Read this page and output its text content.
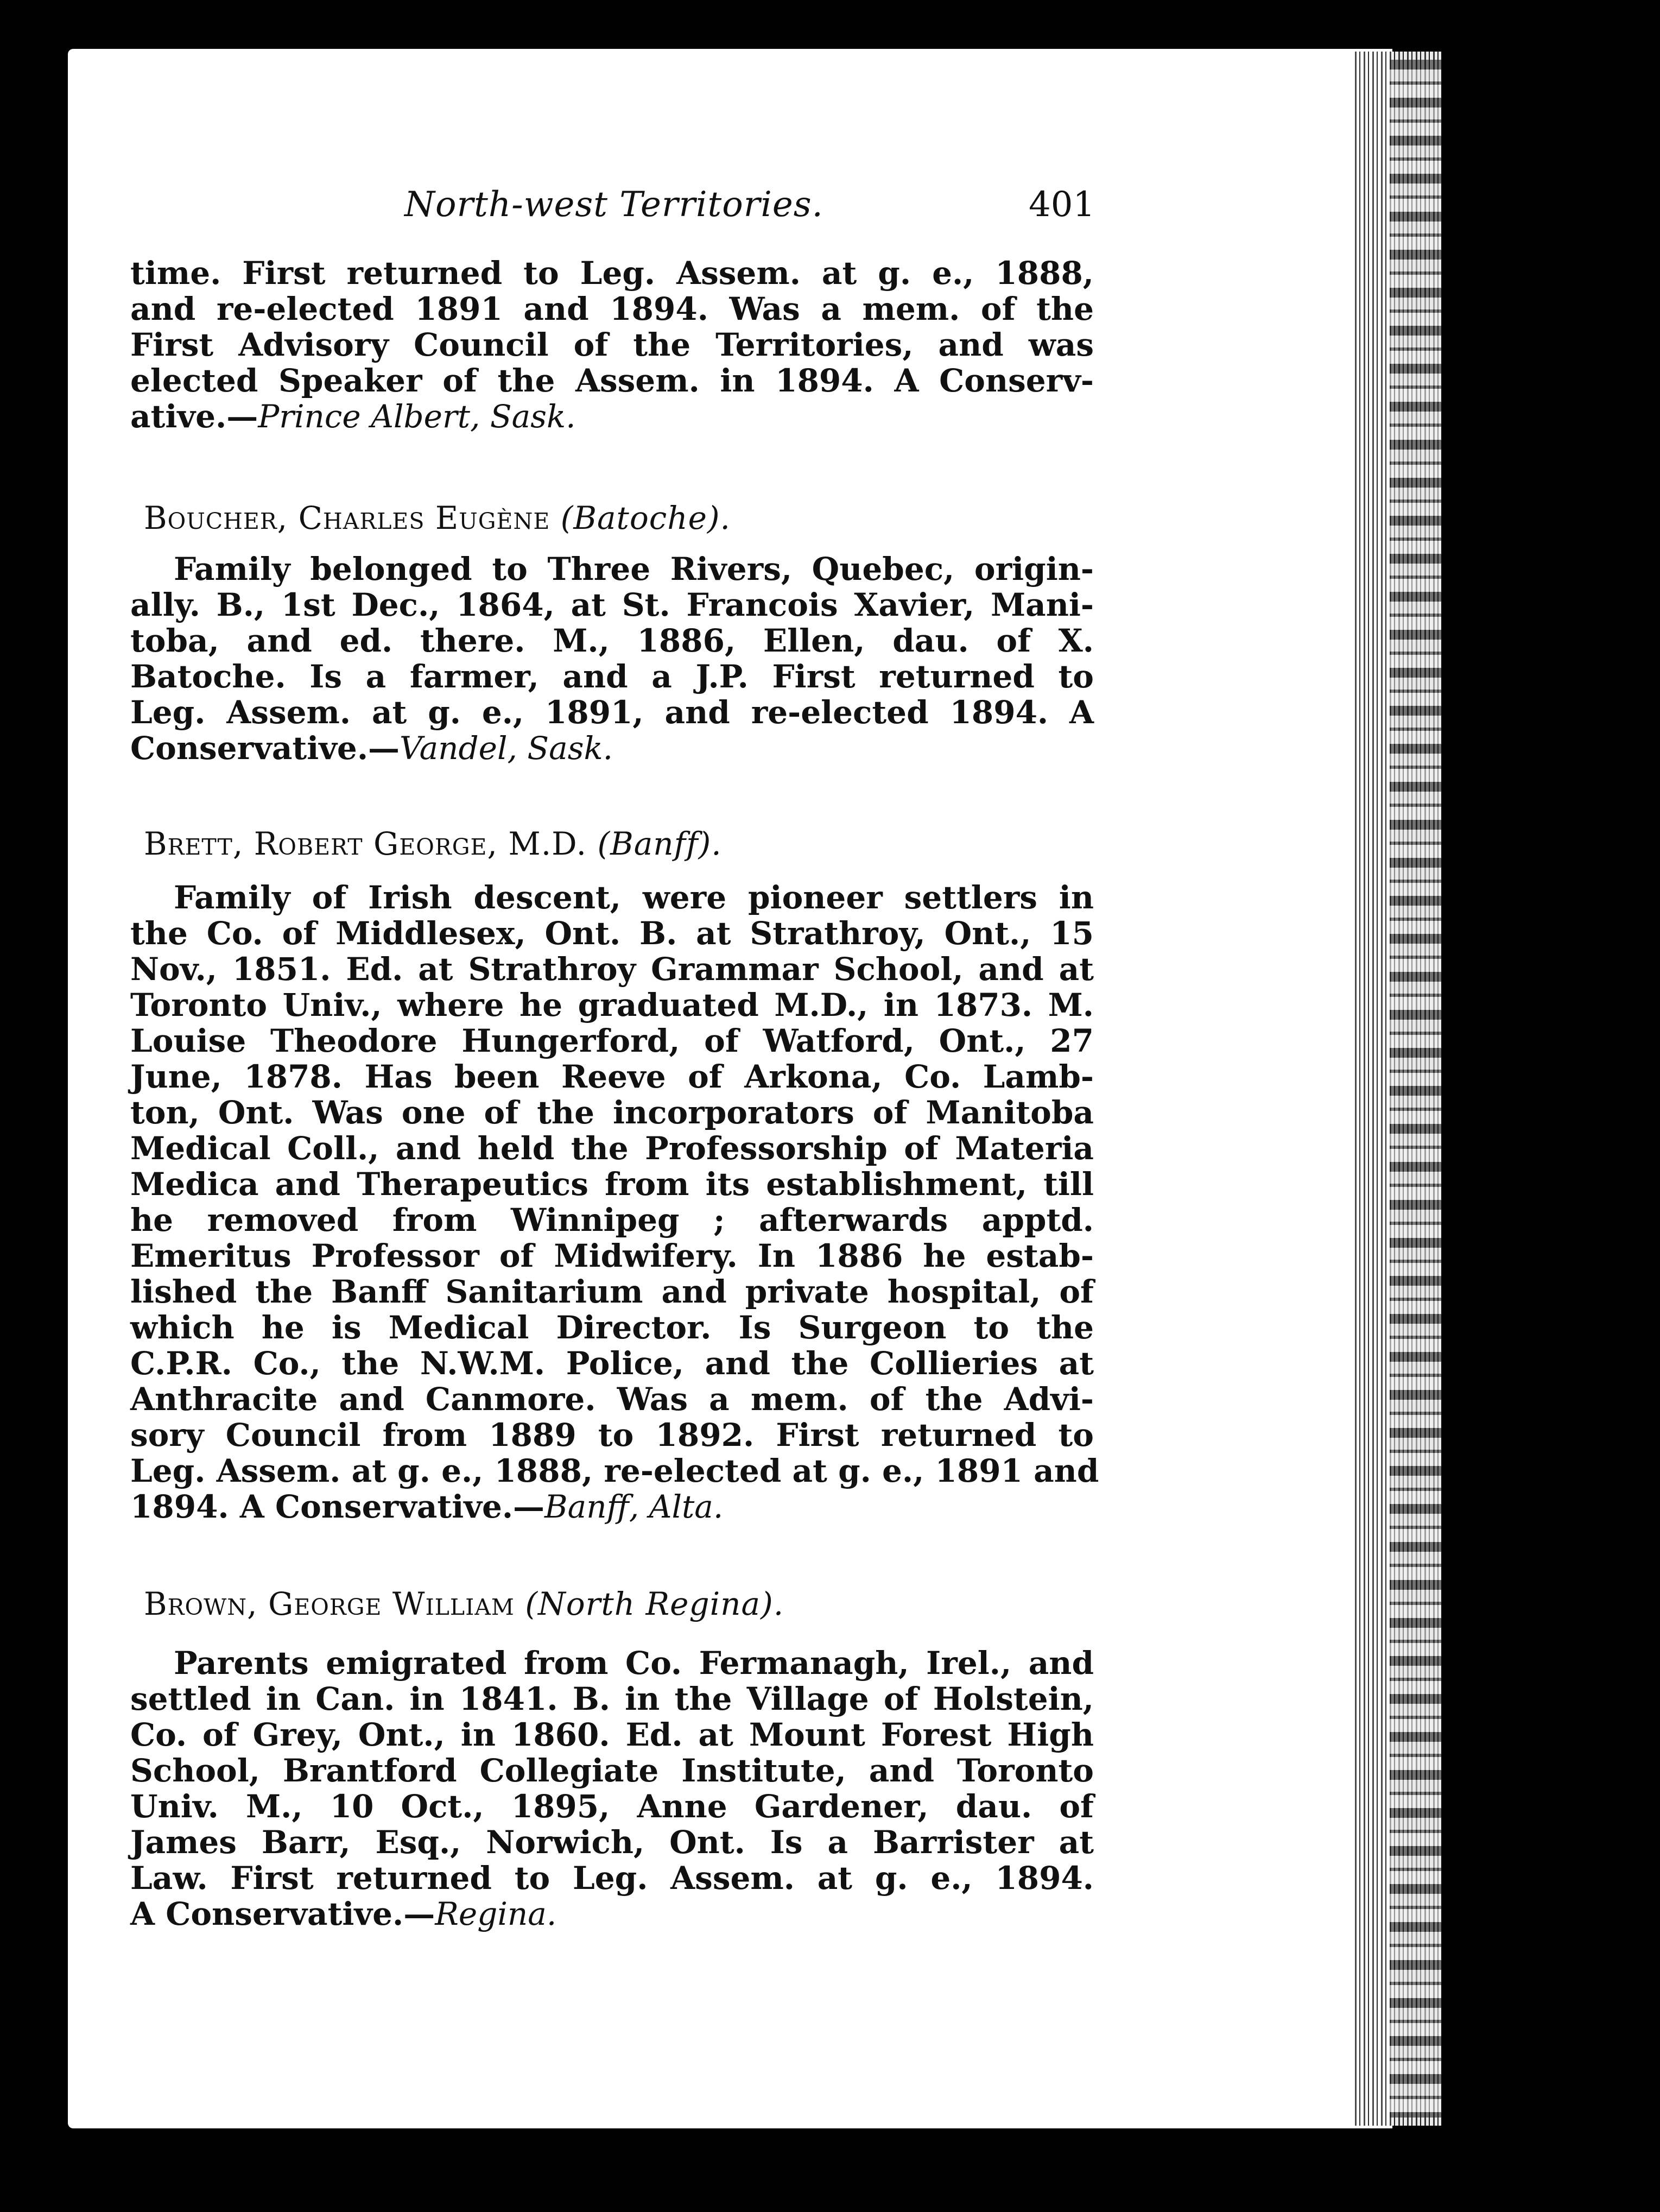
North-west Territories.	401
time. First returned to Leg. Assem. at g. e., 1888,
and re-elected 1891 and 1894. Was a mem. of the
First Advisory Council of the Territories, and was
elected Speaker of the Assem. in 1894. A Conserv-
ative.—Prince Albert, Sask.
Boucher, Charles Eugène (Batoche).
Family belonged to Three Rivers, Quebec, origin-
ally. B., 1st Dec., 1864, at St. Francois Xavier, Mani-
toba, and ed. there. M., 1886, Ellen, dau. of X.
Batoche. Is a farmer, and a J.P. First returned to
Leg. Assem. at g. e., 1891, and re-elected 1894. A
Conservative.—Vandel, Sask.
Brett, Robert George, M.D. (Banff).
Family of Irish descent, were pioneer settlers in
the Co. of Middlesex, Ont. B. at Strathroy, Ont., 15
Nov., 1851. Ed. at Strathroy Grammar School, and at
Toronto Univ., where he graduated M.D., in 1873. M.
Louise Theodore Hungerford, of Watford, Ont., 27
June, 1878. Has been Reeve of Arkona, Co. Lamb-
ton, Ont. Was one of the incorporators of Manitoba
Medical Coll., and held the Professorship of Materia
Medica and Therapeutics from its establishment, till
he removed from Winnipeg ; afterwards apptd.
Emeritus Professor of Midwifery. In 1886 he estab-
lished the Banff Sanitarium and private hospital, of
which he is Medical Director. Is Surgeon to the
C.P.R. Co., the N.W.M. Police, and the Collieries at
Anthracite and Canmore. Was a mem. of the Advi-
sory Council from 1889 to 1892. First returned to
Leg. Assem. at g. e., 1888, re-elected at g. e., 1891 and
1894. A Conservative.—Banff, Alta.
Brown, George William (North Regina).
Parents emigrated from Co. Fermanagh, Irel., and
settled in Can. in 1841. B. in the Village of Holstein,
Co. of Grey, Ont., in 1860. Ed. at Mount Forest High
School, Brantford Collegiate Institute, and Toronto
Univ. M., 10 Oct., 1895, Anne Gardener, dau. of
James Barr, Esq., Norwich, Ont. Is a Barrister at
Law. First returned to Leg. Assem. at g. e., 1894.
A Conservative.—Regina.
